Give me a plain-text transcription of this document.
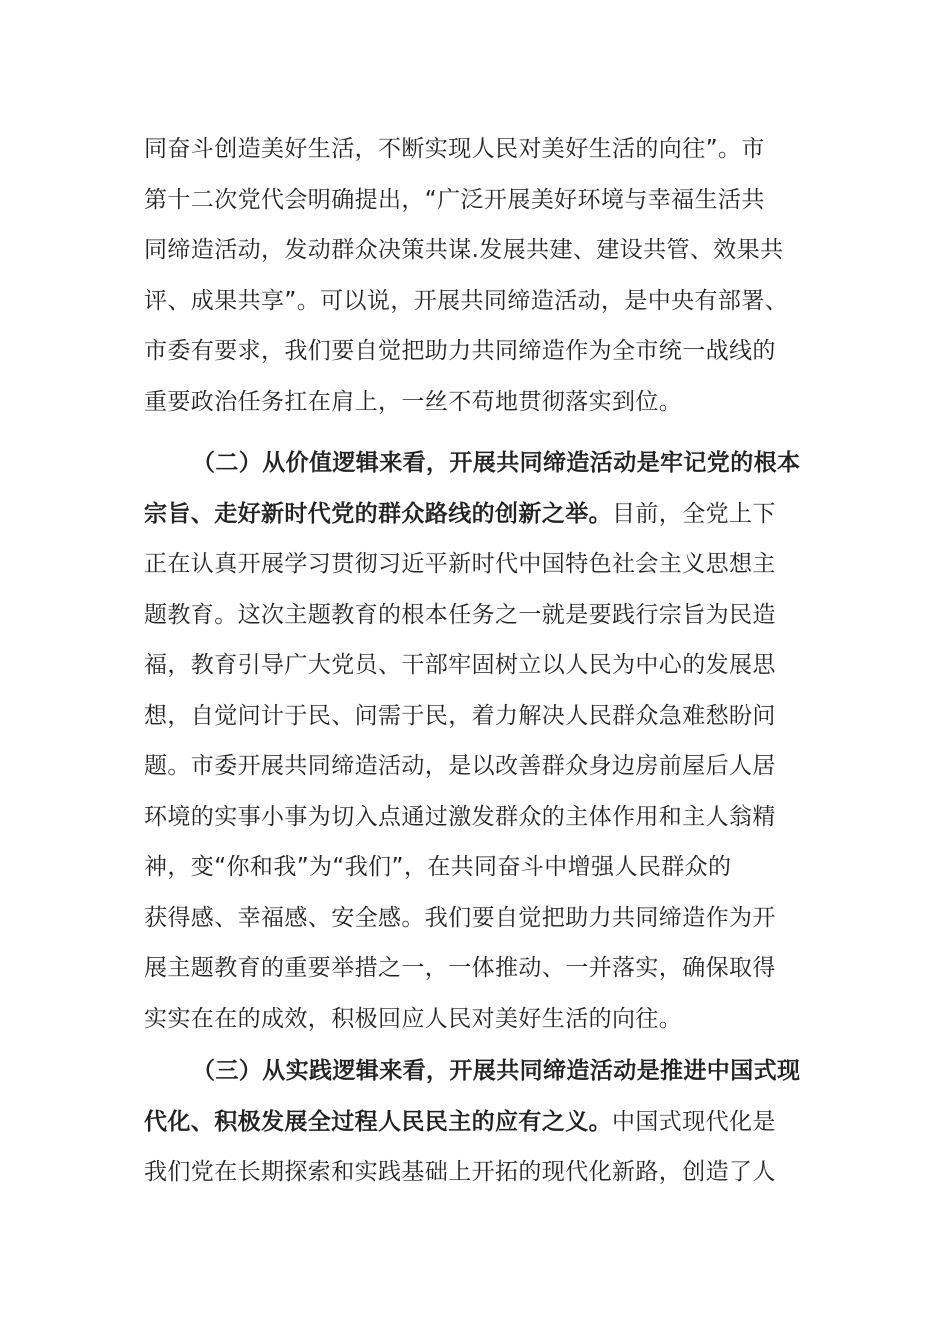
同奋斗创造美好生活，不断实现人民对美好生活的向往”。市
第十二次党代会明确提出，“广泛开展美好环境与幸福生活共
同缔造活动，发动群众决策共谋.发展共建、建设共管、效果共
评、成果共享”。可以说，开展共同缔造活动，是中央有部署、
市委有要求，我们要自觉把助力共同缔造作为全市统一战线的
重要政治任务扛在肩上，一丝不苟地贯彻落实到位。
（二）从价值逻辑来看，开展共同缔造活动是牢记党的根本
宗旨、走好新时代党的群众路线的创新之举。目前，全党上下
正在认真开展学习贯彻习近平新时代中国特色社会主义思想主
题教育。这次主题教育的根本任务之一就是要践行宗旨为民造
福，教育引导广大党员、干部牢固树立以人民为中心的发展思
想，自觉问计于民、问需于民，着力解决人民群众急难愁盼问
题。市委开展共同缔造活动，是以改善群众身边房前屋后人居
环境的实事小事为切入点通过激发群众的主体作用和主人翁精
神，变“你和我”为“我们”，在共同奋斗中增强人民群众的
获得感、幸福感、安全感。我们要自觉把助力共同缔造作为开
展主题教育的重要举措之一，一体推动、一并落实，确保取得
实实在在的成效，积极回应人民对美好生活的向往。
（三）从实践逻辑来看，开展共同缔造活动是推进中国式现
代化、积极发展全过程人民民主的应有之义。中国式现代化是
我们党在长期探索和实践基础上开拓的现代化新路，创造了人
